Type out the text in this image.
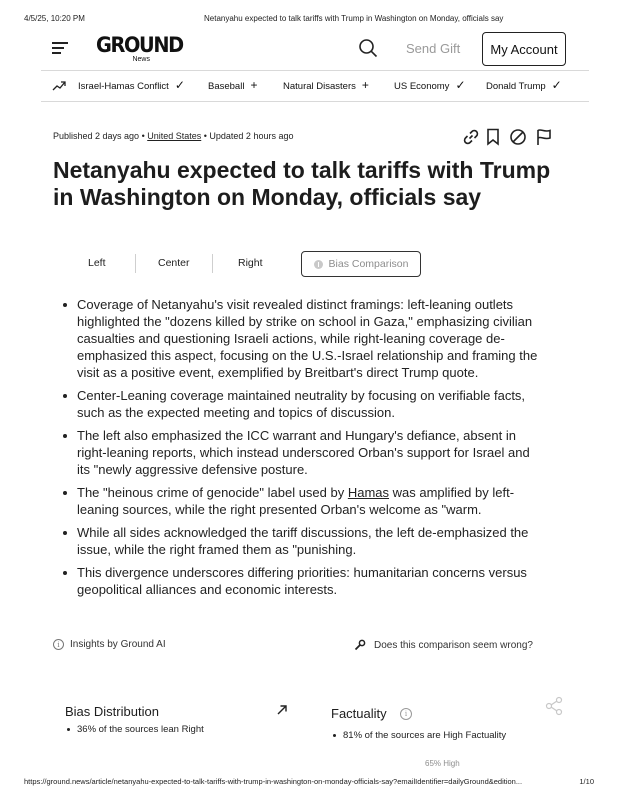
4/5/25, 10:20 PM	Netanyahu expected to talk tariffs with Trump in Washington on Monday, officials say
GROUND
News
Send Gift	My Account
Israel-Hamas Conflict ✓ Baseball +	Natural Disasters +	US Economy ✓ Donald Trump ✓
Published 2 days ago • United States • Updated 2 hours ago
Netanyahu expected to talk tariffs with Trump in Washington on Monday, officials say
Left	Center	Right	Bias Comparison
Coverage of Netanyahu's visit revealed distinct framings: left-leaning outlets highlighted the "dozens killed by strike on school in Gaza," emphasizing civilian casualties and questioning Israeli actions, while right-leaning coverage de-emphasized this aspect, focusing on the U.S.-Israel relationship and framing the visit as a positive event, exemplified by Breitbart's direct Trump quote.
Center-Leaning coverage maintained neutrality by focusing on verifiable facts, such as the expected meeting and topics of discussion.
The left also emphasized the ICC warrant and Hungary's defiance, absent in right-leaning reports, which instead underscored Orban's support for Israel and its "newly aggressive defensive posture.
The "heinous crime of genocide" label used by Hamas was amplified by left-leaning sources, while the right presented Orban's welcome as "warm.
While all sides acknowledged the tariff discussions, the left de-emphasized the issue, while the right framed them as "punishing.
This divergence underscores differing priorities: humanitarian concerns versus geopolitical alliances and economic interests.
i	Insights by Ground AI	Does this comparison seem wrong?
Bias Distribution
36% of the sources lean Right
Factuality	i
81% of the sources are High Factuality
65% High
https://ground.news/article/netanyahu-expected-to-talk-tariffs-with-trump-in-washington-on-monday-officials-say?emailIdentifier=dailyGround&edition...	1/10
